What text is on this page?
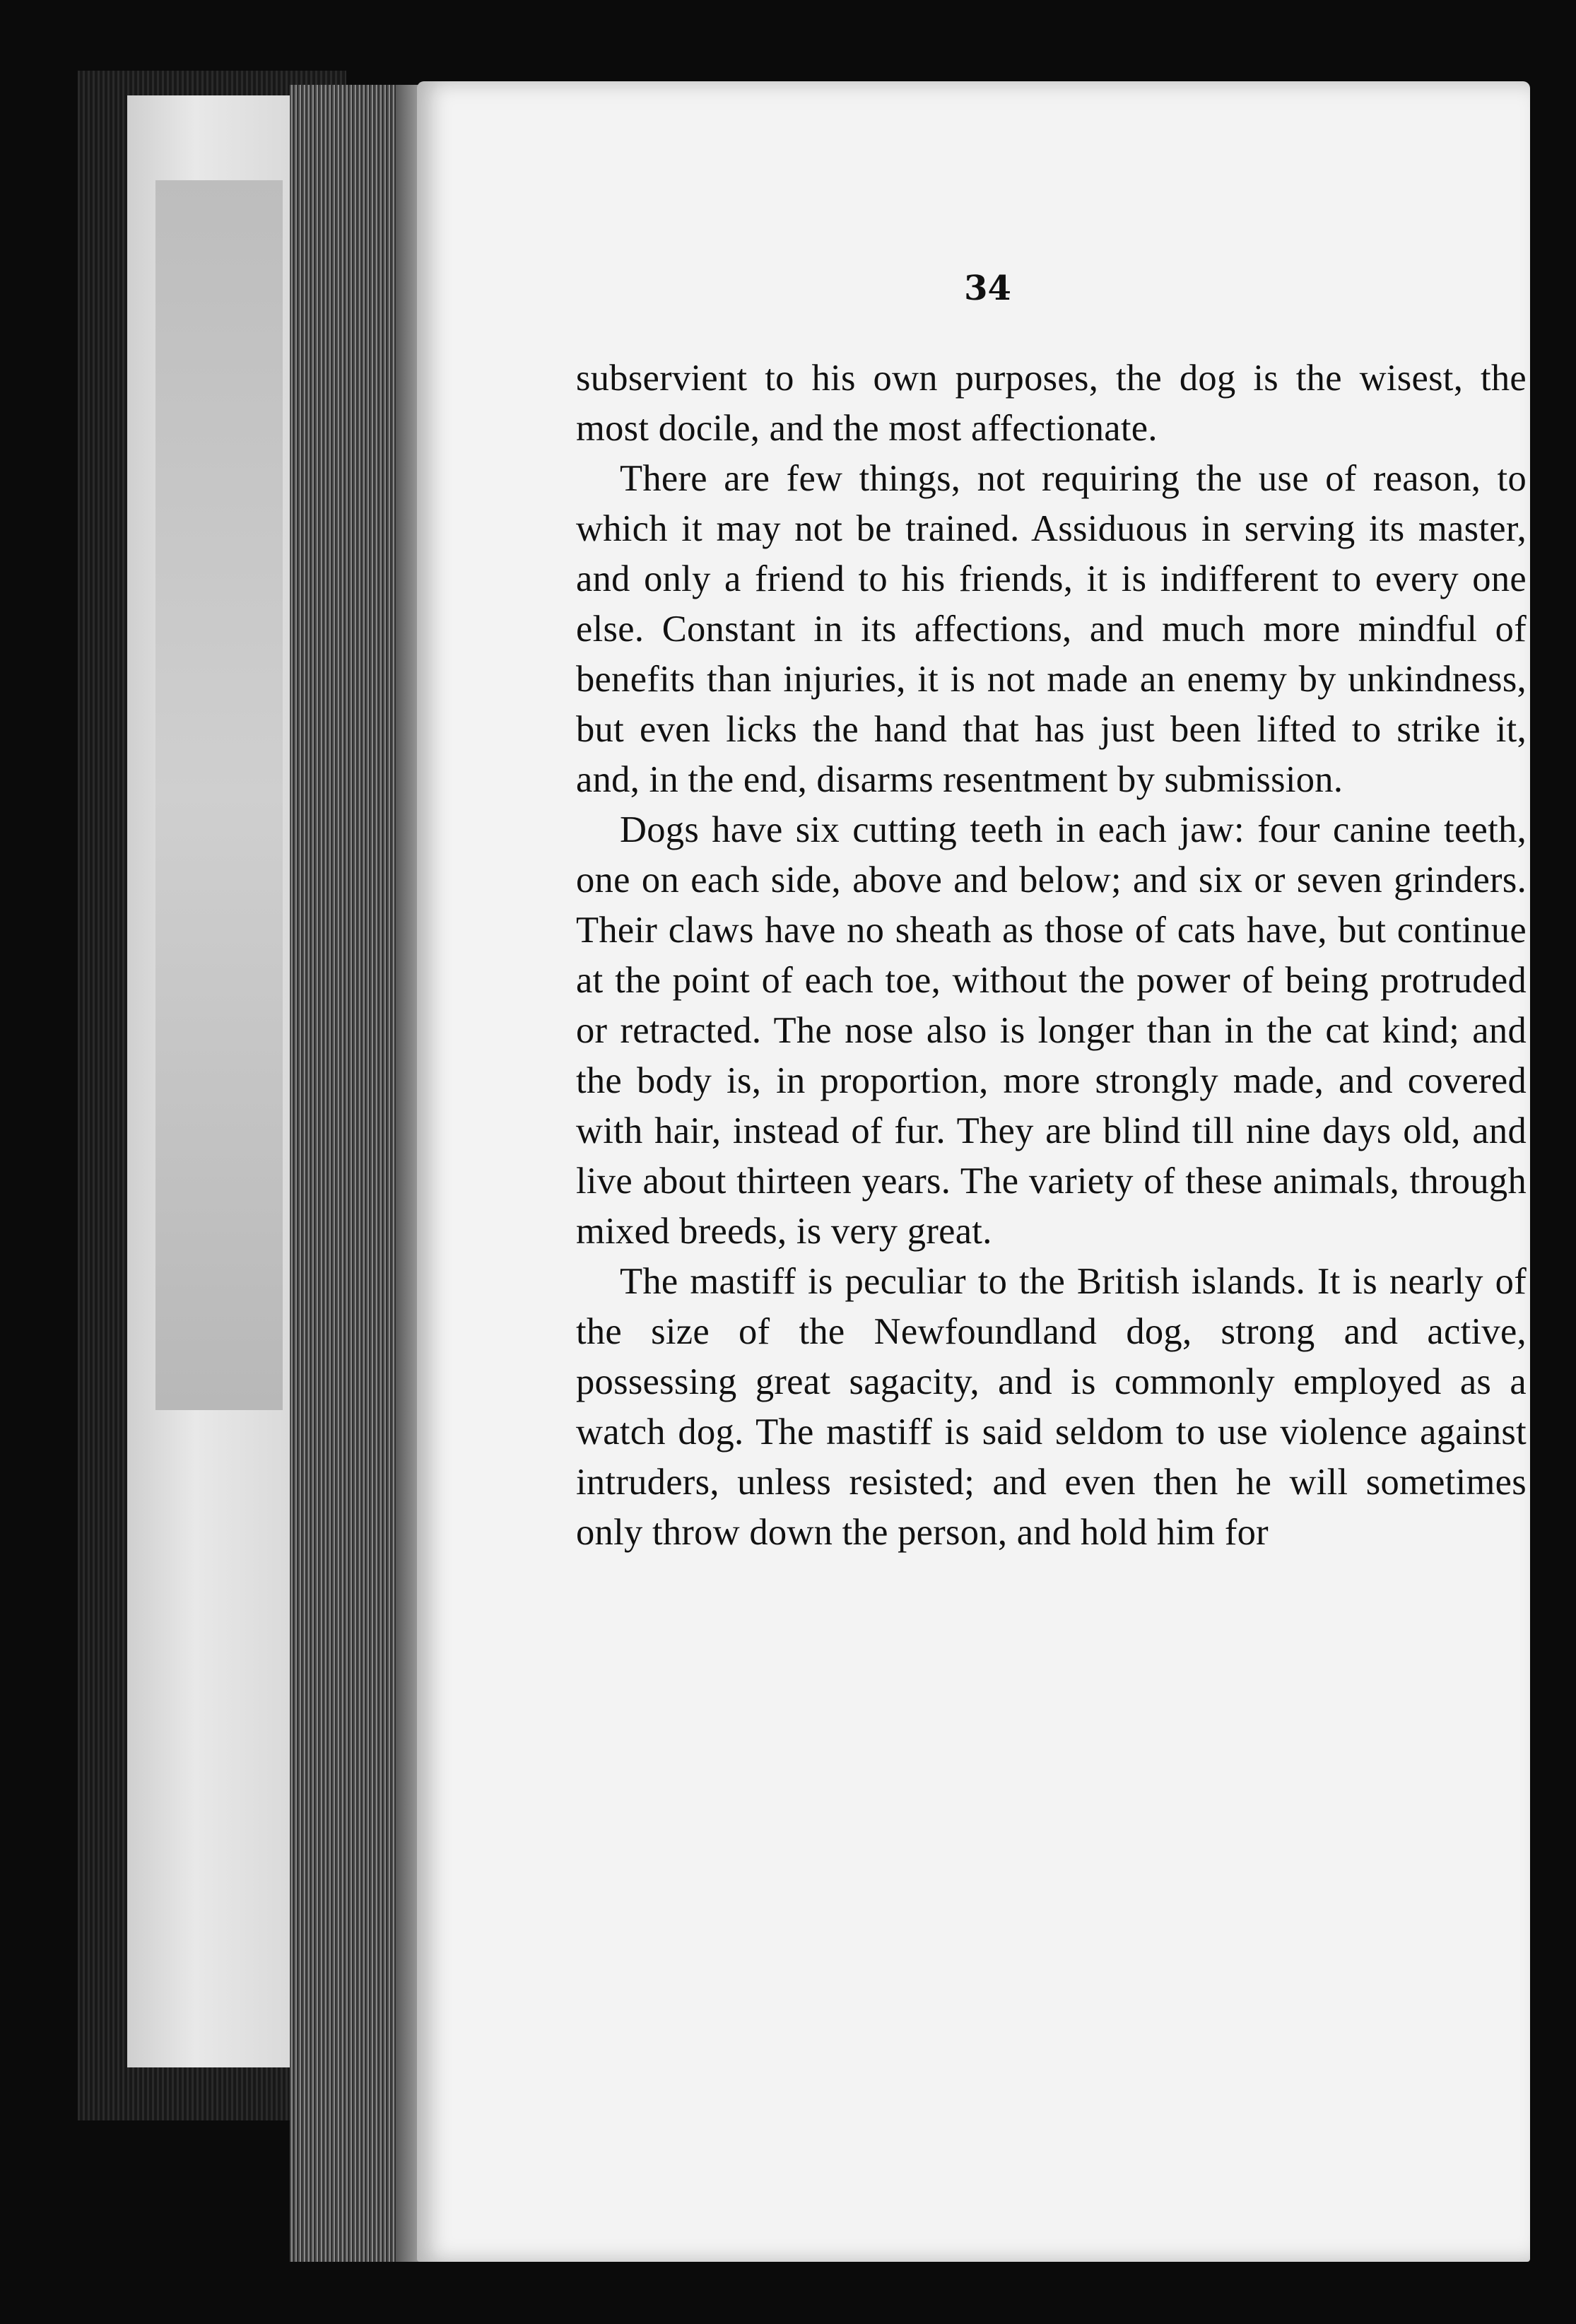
34

subservient to his own purposes, the dog is the wisest, the most docile, and the most affectionate.

There are few things, not requiring the use of reason, to which it may not be trained. Assiduous in serving its master, and only a friend to his friends, it is indifferent to every one else. Constant in its affections, and much more mindful of benefits than injuries, it is not made an enemy by unkindness, but even licks the hand that has just been lifted to strike it, and, in the end, disarms resentment by submission.

Dogs have six cutting teeth in each jaw: four canine teeth, one on each side, above and below; and six or seven grinders. Their claws have no sheath as those of cats have, but continue at the point of each toe, without the power of being protruded or retracted. The nose also is longer than in the cat kind; and the body is, in proportion, more strongly made, and covered with hair, instead of fur. They are blind till nine days old, and live about thirteen years. The variety of these animals, through mixed breeds, is very great.

The mastiff is peculiar to the British islands. It is nearly of the size of the Newfoundland dog, strong and active, possessing great sagacity, and is commonly employed as a watch dog. The mastiff is said seldom to use violence against intruders, unless resisted; and even then he will sometimes only throw down the person, and hold him for
